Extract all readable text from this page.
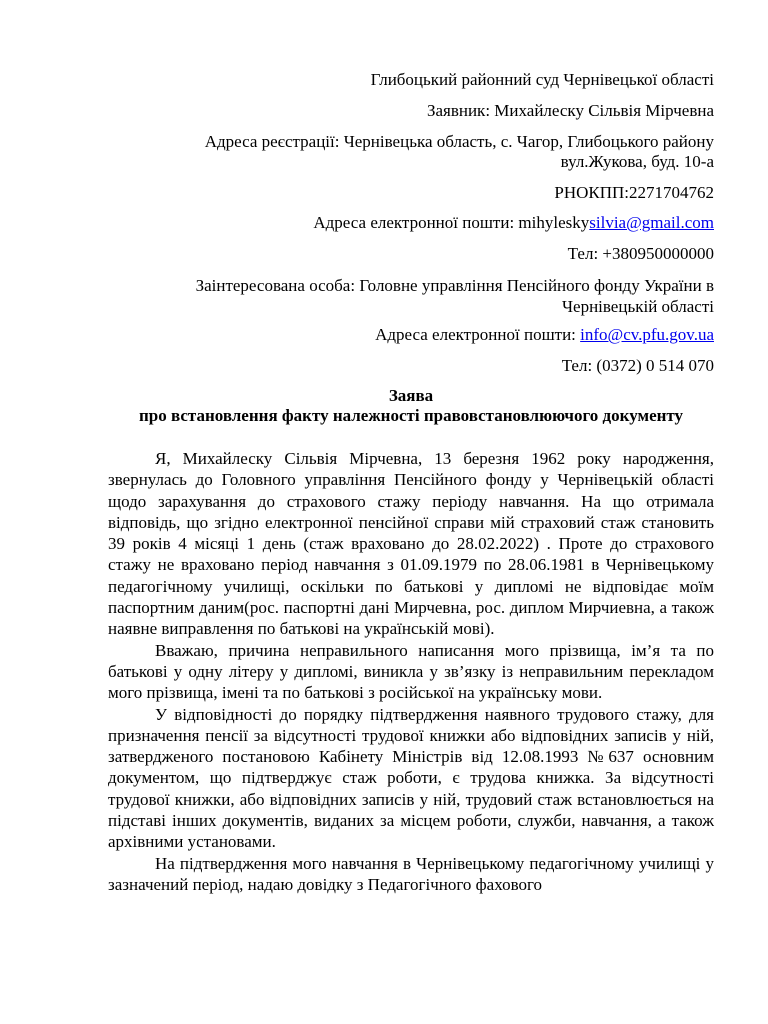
Глибоцький районний суд Чернівецької області
Заявник: Михайлеску Сільвія Мірчевна
Адреса реєстрації: Чернівецька область, с. Чагор, Глибоцького району
вул.Жукова, буд. 10-а
РНОКПП:2271704762
Адреса електронної пошти: mihyleskysilvia@gmail.com
Тел: +380950000000
Заінтересована особа: Головне управління Пенсійного фонду України в
Чернівецькій області
Адреса електронної пошти: info@cv.pfu.gov.ua
Тел: (0372) 0 514 070

Заява

про встановлення факту належності правовстановлюючого документу

Я, Михайлеску Сільвія Мірчевна, 13 березня 1962 року народження, звернулась до Головного управління Пенсійного фонду у Чернівецькій області щодо зарахування до страхового стажу періоду навчання. На що отримала відповідь, що згідно електронної пенсійної справи мій страховий стаж становить 39 років 4 місяці 1 день (стаж враховано до 28.02.2022) . Проте до страхового стажу не враховано період навчання з 01.09.1979 по 28.06.1981 в Чернівецькому педагогічному училищі, оскільки по батькові у дипломі не відповідає моїм паспортним даним(рос. паспортні дані Мирчевна, рос. диплом Мирчиевна, а також наявне виправлення по батькові на українській мові).

Вважаю, причина неправильного написання мого прізвища, ім’я та по батькові у одну літеру у дипломі, виникла у зв’язку із неправильним перекладом мого прізвища, імені та по батькові з російської на українську мови.

У відповідності до порядку підтвердження наявного трудового стажу, для призначення пенсії за відсутності трудової книжки або відповідних записів у ній, затвердженого постановою Кабінету Міністрів від 12.08.1993 №637 основним документом, що підтверджує стаж роботи, є трудова книжка. За відсутності трудової книжки, або відповідних записів у ній, трудовий стаж встановлюється на підставі інших документів, виданих за місцем роботи, служби, навчання, а також архівними установами.

На підтвердження мого навчання в Чернівецькому педагогічному училищі у зазначений період, надаю довідку з Педагогічного фахового
